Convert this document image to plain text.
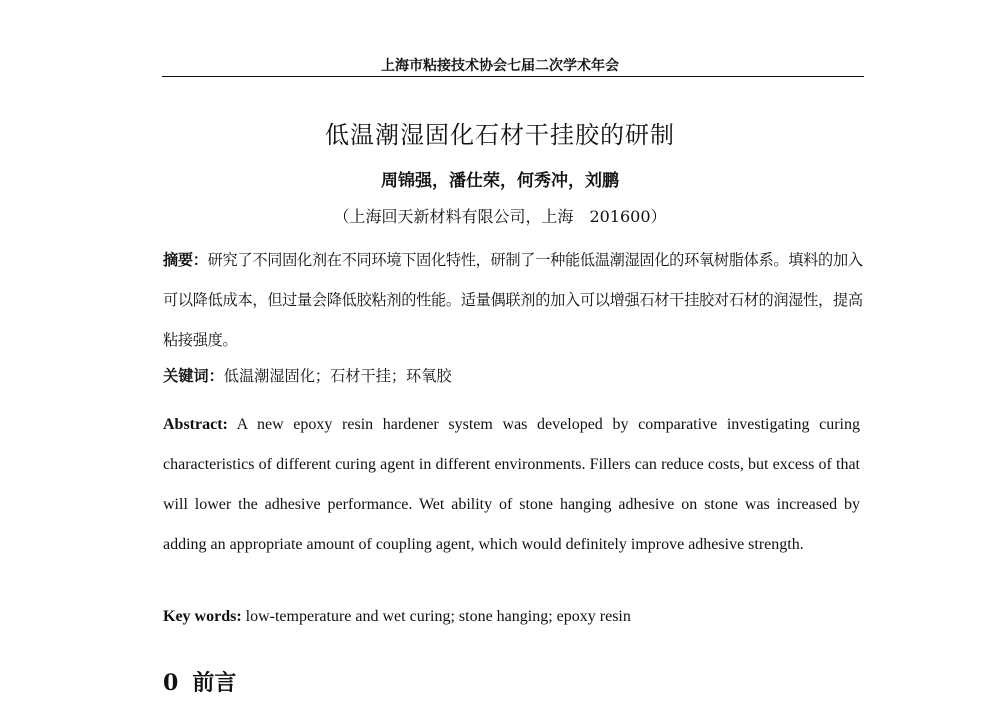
上海市粘接技术协会七届二次学术年会
低温潮湿固化石材干挂胶的研制
周锦强，潘仕荣，何秀冲，刘鹏
（上海回天新材料有限公司，上海　201600）
摘要：研究了不同固化剂在不同环境下固化特性，研制了一种能低温潮湿固化的环氧树脂体系。填料的加入可以降低成本，但过量会降低胶粘剂的性能。适量偶联剂的加入可以增强石材干挂胶对石材的润湿性，提高粘接强度。
关键词：低温潮湿固化；石材干挂；环氧胶
Abstract: A new epoxy resin hardener system was developed by comparative investigating curing characteristics of different curing agent in different environments. Fillers can reduce costs, but excess of that will lower the adhesive performance. Wet ability of stone hanging adhesive on stone was increased by adding an appropriate amount of coupling agent, which would definitely improve adhesive strength.
Key words: low-temperature and wet curing; stone hanging; epoxy resin
0 前言
